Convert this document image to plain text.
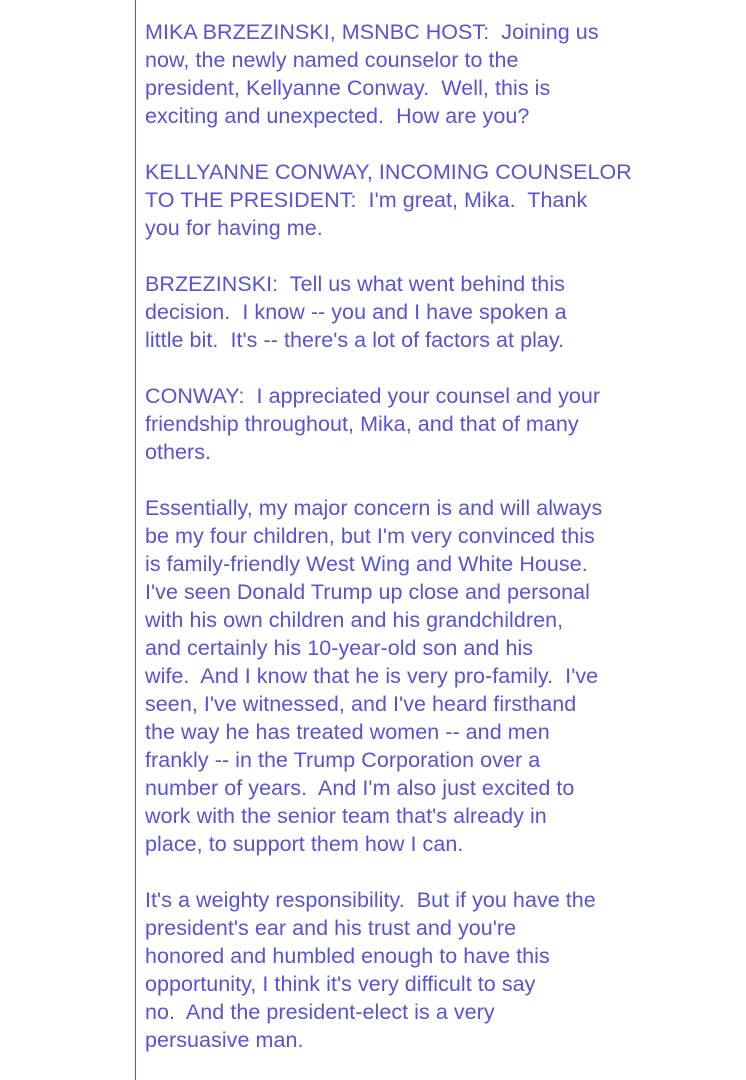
MIKA BRZEZINSKI, MSNBC HOST:  Joining us
now, the newly named counselor to the
president, Kellyanne Conway.  Well, this is
exciting and unexpected.  How are you?

KELLYANNE CONWAY, INCOMING COUNSELOR
TO THE PRESIDENT:  I'm great, Mika.  Thank
you for having me.

BRZEZINSKI:  Tell us what went behind this
decision.  I know -- you and I have spoken a
little bit.  It's -- there's a lot of factors at play.

CONWAY:  I appreciated your counsel and your
friendship throughout, Mika, and that of many
others.

Essentially, my major concern is and will always
be my four children, but I'm very convinced this
is family-friendly West Wing and White House.
I've seen Donald Trump up close and personal
with his own children and his grandchildren,
and certainly his 10-year-old son and his
wife.  And I know that he is very pro-family.  I've
seen, I've witnessed, and I've heard firsthand
the way he has treated women -- and men
frankly -- in the Trump Corporation over a
number of years.  And I'm also just excited to
work with the senior team that's already in
place, to support them how I can.

It's a weighty responsibility.  But if you have the
president's ear and his trust and you're
honored and humbled enough to have this
opportunity, I think it's very difficult to say
no.  And the president-elect is a very
persuasive man.
